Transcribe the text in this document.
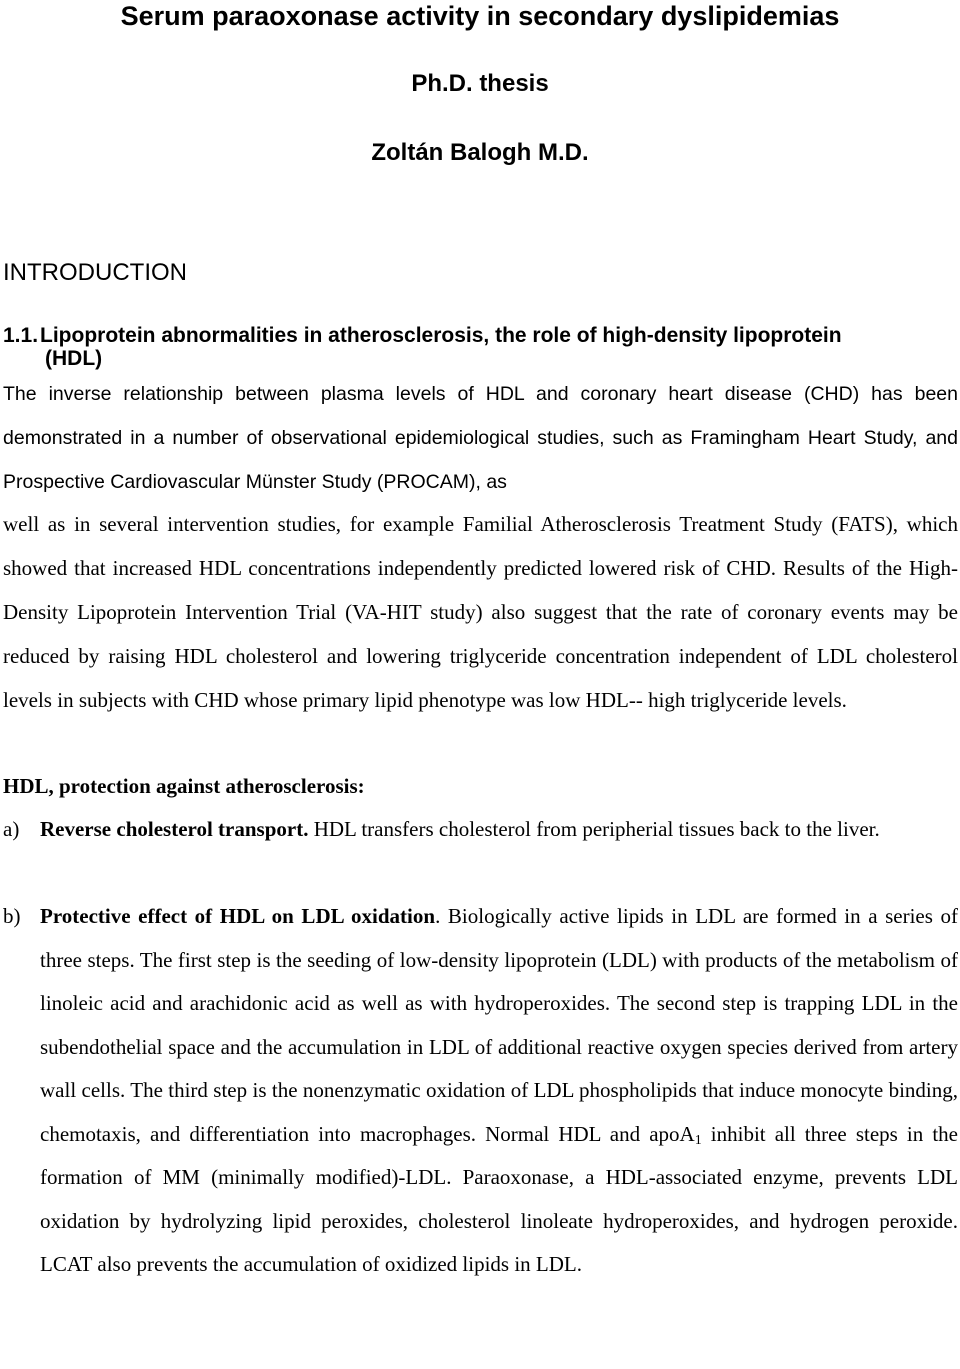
Serum paraoxonase activity in secondary dyslipidemias
Ph.D. thesis
Zoltán Balogh M.D.
INTRODUCTION
1.1.Lipoprotein abnormalities in atherosclerosis, the role of high-density lipoprotein
(HDL)
The inverse relationship between plasma levels of HDL and coronary heart disease (CHD) has been demonstrated in a number of observational epidemiological studies, such as Framingham Heart Study, and Prospective Cardiovascular Münster Study (PROCAM), as
well as in several intervention studies, for example Familial Atherosclerosis Treatment Study (FATS), which showed that increased HDL concentrations independently predicted lowered risk of CHD. Results of the High-Density Lipoprotein Intervention Trial (VA-HIT study) also suggest that the rate of coronary events may be reduced by raising HDL cholesterol and lowering triglyceride concentration independent of LDL cholesterol levels in subjects with CHD whose primary lipid phenotype was low HDL-- high triglyceride levels.
HDL, protection against atherosclerosis:
a) Reverse cholesterol transport. HDL transfers cholesterol from peripherial tissues back to the liver.
b) Protective effect of HDL on LDL oxidation. Biologically active lipids in LDL are formed in a series of three steps. The first step is the seeding of low-density lipoprotein (LDL) with products of the metabolism of linoleic acid and arachidonic acid as well as with hydroperoxides. The second step is trapping LDL in the subendothelial space and the accumulation in LDL of additional reactive oxygen species derived from artery wall cells. The third step is the nonenzymatic oxidation of LDL phospholipids that induce monocyte binding, chemotaxis, and differentiation into macrophages. Normal HDL and apoA$_1$ inhibit all three steps in the formation of MM (minimally modified)-LDL. Paraoxonase, a HDL-associated enzyme, prevents LDL oxidation by hydrolyzing lipid peroxides, cholesterol linoleate hydroperoxides, and hydrogen peroxide. LCAT also prevents the accumulation of oxidized lipids in LDL.
